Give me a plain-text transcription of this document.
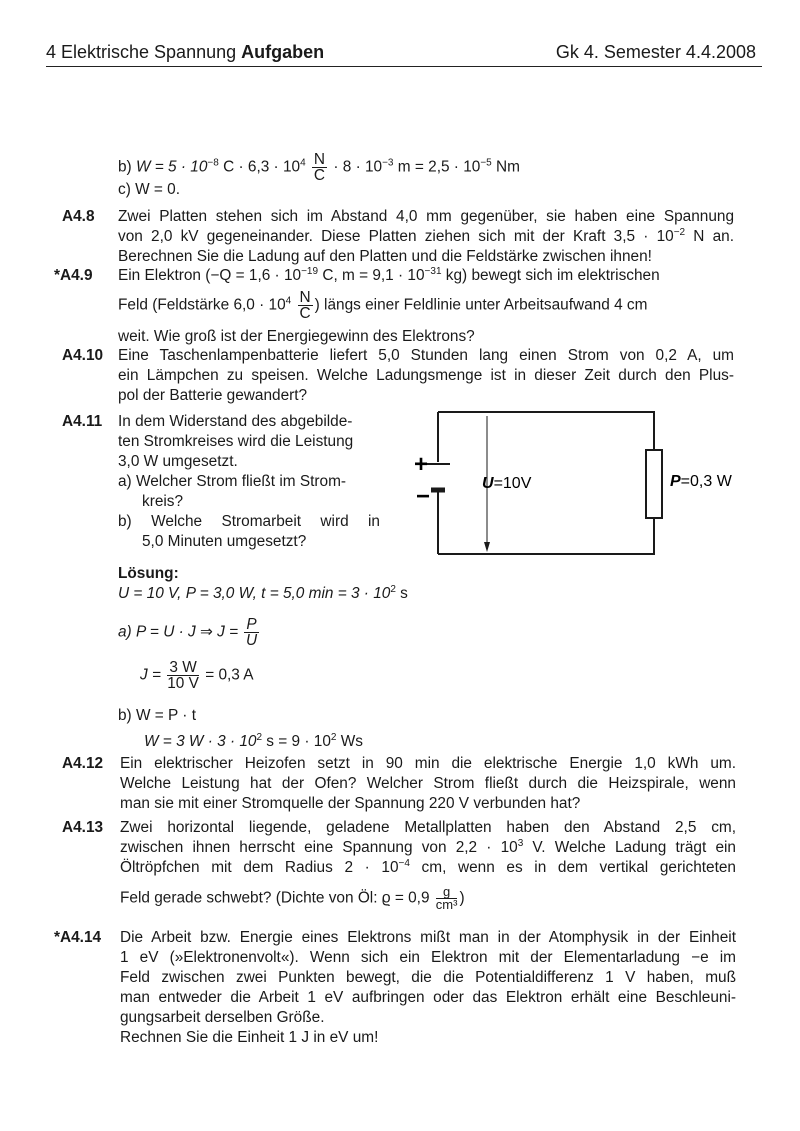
4 Elektrische Spannung Aufgaben	Gk 4. Semester 4.4.2008
b) $W = 5 \cdot 10^{-8}$ $C \cdot 6,3 \cdot 10^4 \frac{N}{C} \cdot 8 \cdot 10^{-3}$ $m = 2,5 \cdot 10^{-5}$ Nm
c) W = 0.
A4.8 Zwei Platten stehen sich im Abstand 4,0 mm gegenüber, sie haben eine Spannung
von 2,0 kV gegeneinander. Diese Platten ziehen sich mit der Kraft $3,5 \cdot 10^{-2}$ N an.
Berechnen Sie die Ladung auf den Platten und die Feldstärke zwischen ihnen!
*A4.9 Ein Elektron ($-Q = 1,6 \cdot 10^{-19}$ C, $m = 9,1 \cdot 10^{-31}$ kg) bewegt sich im elektrischen
Feld (Feldstärke $6,0 \cdot 10^4 \frac{N}{C}$ ) längs einer Feldlinie unter Arbeitsaufwand 4 cm
weit. Wie groß ist der Energiegewinn des Elektrons?
A4.10 Eine Taschenlampenbatterie liefert 5,0 Stunden lang einen Strom von 0,2 A, um
ein Lämpchen zu speisen. Welche Ladungsmenge ist in dieser Zeit durch den Plus-
pol der Batterie gewandert?
A4.11 In dem Widerstand des abgebilde-
ten Stromkreises wird die Leistung
3,0 W umgesetzt.
a) Welcher Strom fließt im Strom-
kreis?
b) Welche Stromarbeit wird in
5,0 Minuten umgesetzt?
+
−	U=10V	P=0,3 W
Lösung:
U = 10 V, P = 3,0 W, t = 5,0 $\min = 3 \cdot 10^2$ s
a) P = U · J ⇒ $J = \frac{P}{U}$
$J = \frac{3 W}{10 V} = 0,3$ A
b) W = P · t
W = 3 $W \cdot 3 \cdot 10^2$ $s = 9 \cdot 10^2$ Ws
A4.12 Ein elektrischer Heizofen setzt in 90 min die elektrische Energie 1,0 kWh um.
Welche Leistung hat der Ofen? Welcher Strom fließt durch die Heizspirale, wenn
man sie mit einer Stromquelle der Spannung 220 V verbunden hat?
A4.13 Zwei horizontal liegende, geladene Metallplatten haben den Abstand 2,5 cm,
zwischen ihnen herrscht eine Spannung von $2,2 \cdot 10^3$ V. Welche Ladung trägt ein
Öltröpfchen mit dem Radius $2 \cdot 10^{-4}$ cm, wenn es in dem vertikal gerichteten
Feld gerade schwebt? (Dichte von Öl: $ϱ = 0,9 \frac{g}{\text{cm³}}$ )
*A4.14 Die Arbeit bzw. Energie eines Elektrons mißt man in der Atomphysik in der Einheit
1 eV (»Elektronenvolt«). Wenn sich ein Elektron mit der Elementarladung −e im
Feld zwischen zwei Punkten bewegt, die die Potentialdifferenz 1 V haben, muß
man entweder die Arbeit 1 eV aufbringen oder das Elektron erhält eine Beschleuni-
gungsarbeit derselben Größe.
Rechnen Sie die Einheit 1 J in eV um!
